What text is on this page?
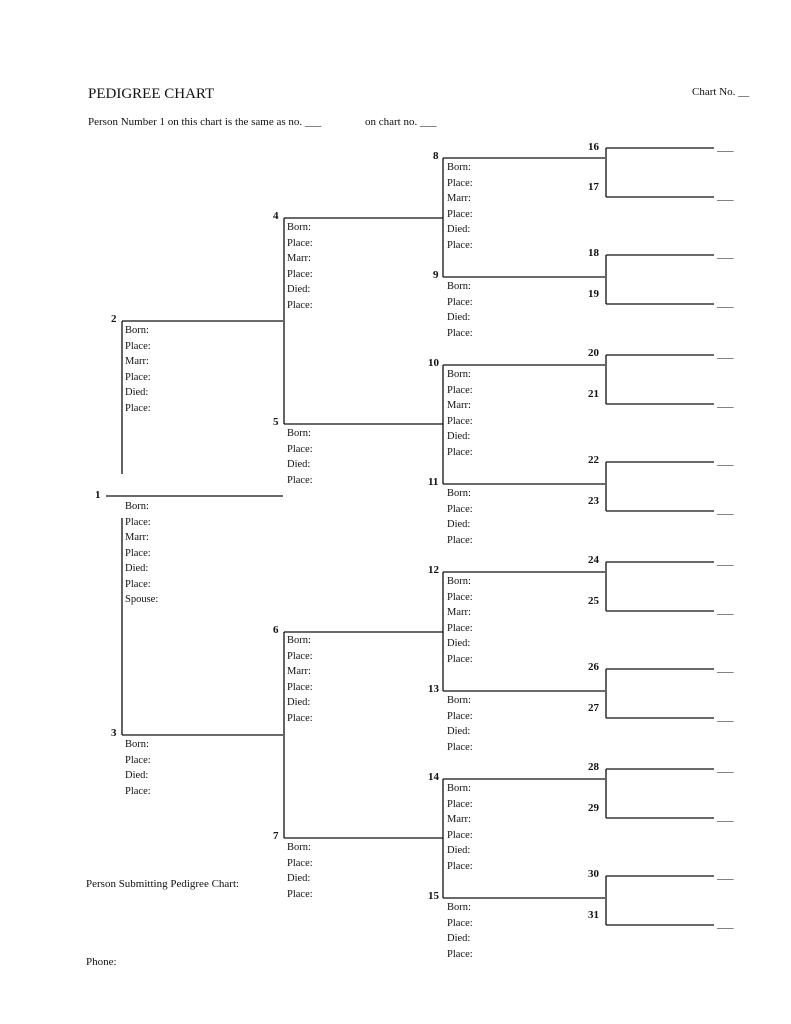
PEDIGREE CHART	Chart No. __
Person Number 1 on this chart is the same as no. ___	on chart no. ___
Person Submitting Pedigree Chart:
Phone:
1
Born:
Place:
Marr:
Place:
Died:
Place:
Spouse:
2
Born:
Place:
Marr:
Place:
Died:
Place:
3
Born:
Place:
Died:
Place:
4
Born:
Place:
Marr:
Place:
Died:
Place:
5
Born:
Place:
Died:
Place:
6
Born:
Place:
Marr:
Place:
Died:
Place:
7
Born:
Place:
Died:
Place:
8
Born:
Place:
Marr:
Place:
Died:
Place:
9
Born:
Place:
Died:
Place:
10
Born:
Place:
Marr:
Place:
Died:
Place:
11
Born:
Place:
Died:
Place:
12
Born:
Place:
Marr:
Place:
Died:
Place:
13
Born:
Place:
Died:
Place:
14
Born:
Place:
Marr:
Place:
Died:
Place:
15
Born:
Place:
Died:
Place:
16
17
18
19
20
21
22
23
24
25
26
27
28
29
30
31
___
___
___
___
___
___
___
___
___
___
___
___
___
___
___
___
